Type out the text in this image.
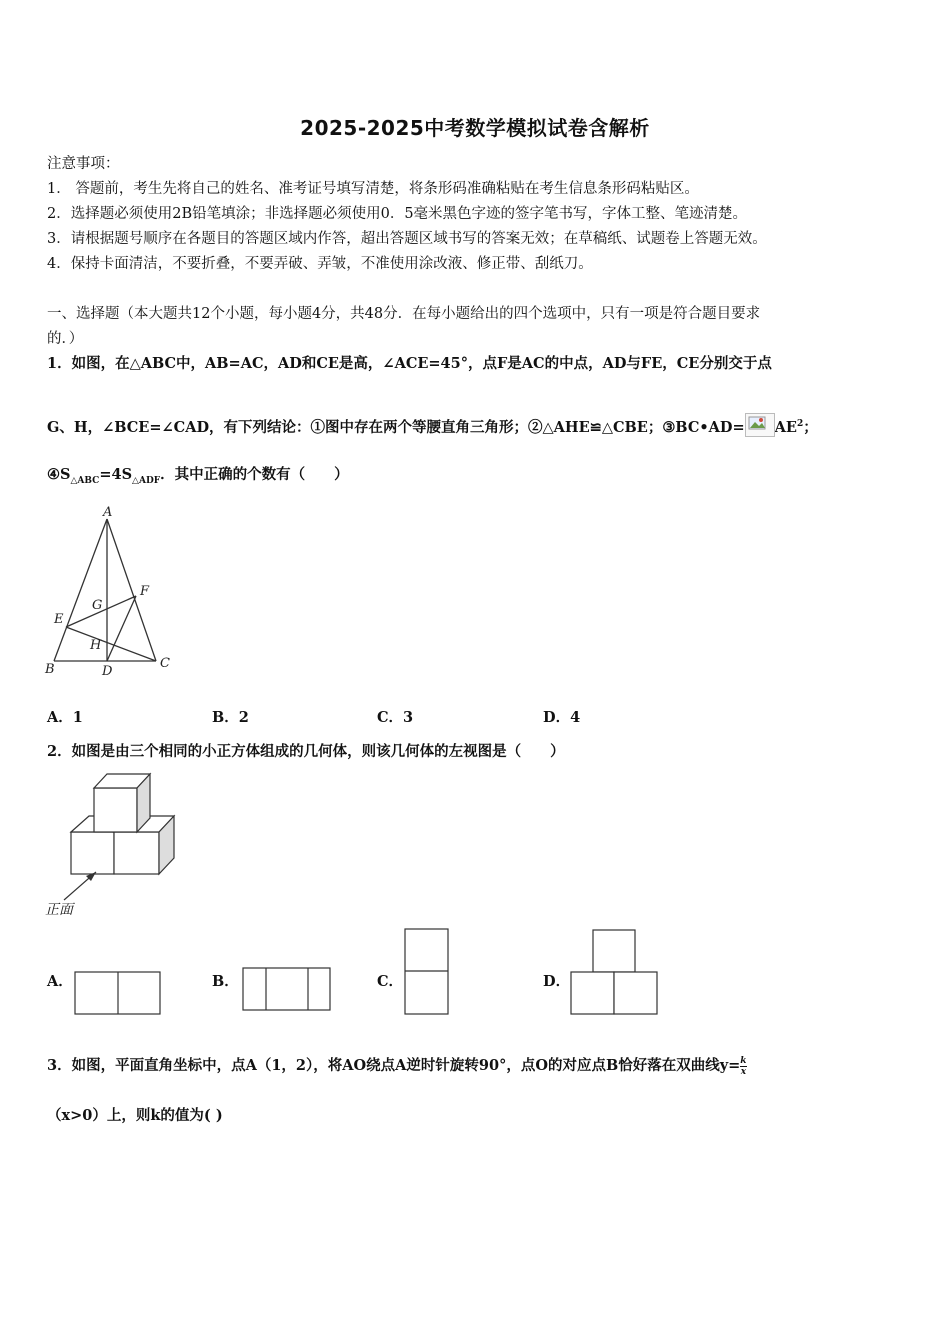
2025-2025中考数学模拟试卷含解析
注意事项：
1． 答题前，考生先将自己的姓名、准考证号填写清楚，将条形码准确粘贴在考生信息条形码粘贴区。
2．选择题必须使用2B铅笔填涂；非选择题必须使用0．5毫米黑色字迹的签字笔书写，字体工整、笔迹清楚。
3．请根据题号顺序在各题目的答题区域内作答，超出答题区域书写的答案无效；在草稿纸、试题卷上答题无效。
4．保持卡面清洁，不要折叠，不要弄破、弄皱，不准使用涂改液、修正带、刮纸刀。
一、选择题（本大题共12个小题，每小题4分，共48分．在每小题给出的四个选项中，只有一项是符合题目要求
的．）
1．如图，在△ABC中，AB=AC，AD和CE是高，∠ACE=45°，点F是AC的中点，AD与FE，CE分别交于点
G、H，∠BCE=∠CAD，有下列结论：①图中存在两个等腰直角三角形；②△AHE≌△CBE；③BC•AD= $AE^2$；
$④S_{\triangle ABC}=4S_{\triangle ADF}$．其中正确的个数有（　　）
A
F
G
E
H
B	D
C
A．1	B．2	C．3	D．4
2．如图是由三个相同的小正方体组成的几何体，则该几何体的左视图是（　　）
正面
A．	B．	C．	D．
3．如图，平面直角坐标中，点A（1，2），将AO绕点A逆时针旋转90°，点O的对应点B恰好落在双曲线$y= \frac{k}{x}$
（x>0）上，则k的值为( )
